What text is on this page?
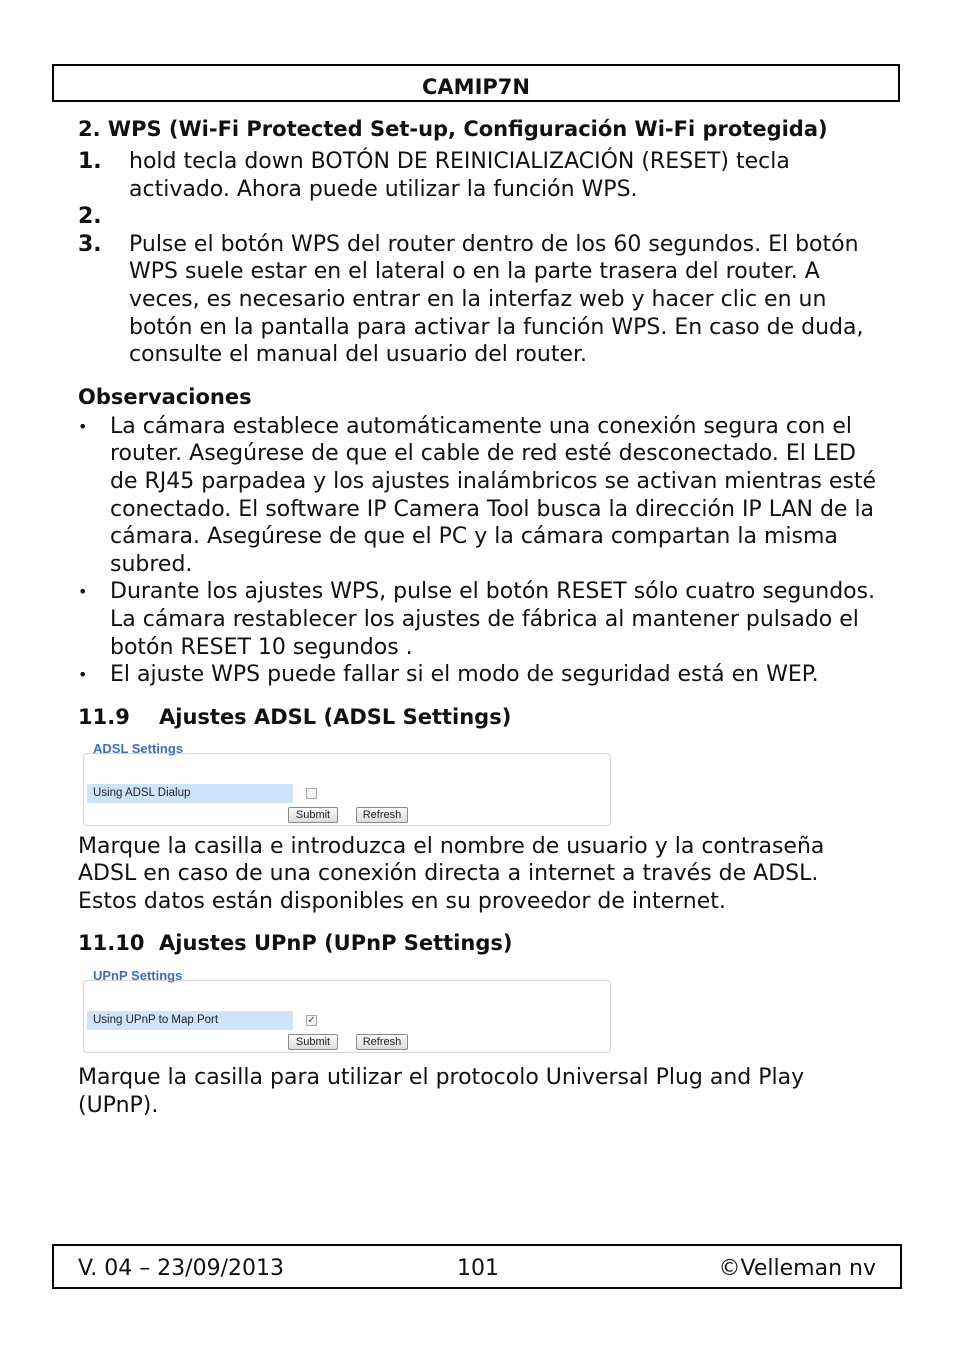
CAMIP7N

2. WPS (Wi-Fi Protected Set-up, Configuración Wi-Fi protegida)

1. hold tecla down BOTÓN DE REINICIALIZACIÓN (RESET) tecla activado. Ahora puede utilizar la función WPS.
2.
3. Pulse el botón WPS del router dentro de los 60 segundos. El botón WPS suele estar en el lateral o en la parte trasera del router. A veces, es necesario entrar en la interfaz web y hacer clic en un botón en la pantalla para activar la función WPS. En caso de duda, consulte el manual del usuario del router.

Observaciones

• La cámara establece automáticamente una conexión segura con el router. Asegúrese de que el cable de red esté desconectado. El LED de RJ45 parpadea y los ajustes inalámbricos se activan mientras esté conectado. El software IP Camera Tool busca la dirección IP LAN de la cámara. Asegúrese de que el PC y la cámara compartan la misma subred.
• Durante los ajustes WPS, pulse el botón RESET sólo cuatro segundos. La cámara restablecer los ajustes de fábrica al mantener pulsado el botón RESET 10 segundos .
• El ajuste WPS puede fallar si el modo de seguridad está en WEP.

11.9 Ajustes ADSL (ADSL Settings)

ADSL Settings
Using ADSL Dialup
Submit	Refresh

Marque la casilla e introduzca el nombre de usuario y la contraseña ADSL en caso de una conexión directa a internet a través de ADSL. Estos datos están disponibles en su proveedor de internet.

11.10 Ajustes UPnP (UPnP Settings)

UPnP Settings
Using UPnP to Map Port	✓
Submit	Refresh

Marque la casilla para utilizar el protocolo Universal Plug and Play (UPnP).

V. 04 – 23/09/2013	101	©Velleman nv
